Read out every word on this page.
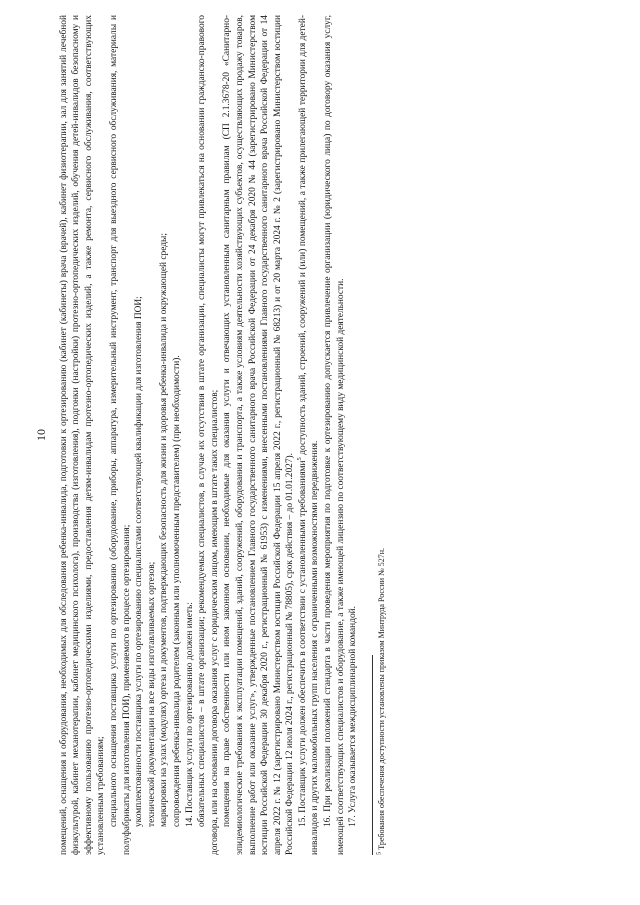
10 помещений, оснащения и оборудования, необходимых для обследования ребенка-инвалида, подготовки к ортезированию (кабинет (кабинеты) врача (врачей), кабинет физиотерапии, зал для занятий лечебной физкультурой, кабинет механотерапии, кабинет медицинского психолога), производства (изготовления), подгонки (настройки) протезно-ортопедических изделий, обучения детей-инвалидов безопасному и эффективному пользованию протезно-ортопедическими изделиями, предоставления детям-инвалидам протезно-ортопедических изделий, а также ремонта, сервисного обслуживания, соответствующих установленным требованиям; специального оснащения поставщика услуги по ортезированию (оборудование, приборы, аппаратура, измерительный инструмент, транспорт для выездного сервисного обслуживания, материалы и полуфабрикаты для изготовления ПОИ), применяемого в процессе ортезирования; укомплектованности поставщика услуги по ортезированию специалистами соответствующей квалификации для изготовления ПОИ; технической документации на все виды изготавливаемых ортезов; маркировки на узлах (модулях) ортеза и документов, подтверждающих безопасность для жизни и здоровья ребенка-инвалида и окружающей среды; сопровождения ребенка-инвалида родителем (законным или уполномоченным представителем) (при необходимости). 14. Поставщик услуги по ортезированию должен иметь: обязательных специалистов – в штате организации; рекомендуемых специалистов, в случае их отсутствия в штате организации, специалисты могут привлекаться на основании гражданско-правового договора, или на основании договора оказания услуг с юридическим лицом, имеющим в штате таких специалистов; помещения на праве собственности или ином законном основании, необходимые для оказания услуги и отвечающих установленным санитарным правилам (СП 2.1.3678-20 «Санитарно-эпидемиологические требования к эксплуатации помещений, зданий, сооружений, оборудования и транспорта, а также условиям деятельности хозяйствующих субъектов, осуществляющих продажу товаров, выполнение работ или оказание услуг», утвержденные постановлением Главного государственного санитарного врача Российской Федерации от 24 декабря 2020 № 44 (зарегистрировано Министерством юстиции Российской Федерации 30 декабря 2020 г., регистрационный № 61953) с изменениями, внесенными постановлениями Главного государственного санитарного врача Российской Федерации от 14 апреля 2022 г. № 12 (зарегистрировано Министерством юстиции Российской Федерации 15 апреля 2022 г., регистрационный № 68213) и от 20 марта 2024 г. № 2 (зарегистрировано Министерством юстиции Российской Федерации 12 июля 2024 г., регистрационный № 78805), срок действия – до 01.01.2027). 15. Поставщик услуги должен обеспечить в соответствии с установленными требованиями$^5$ доступность зданий, строений, сооружений и (или) помещений, а также прилегающей территории для детей-инвалидов и других маломобильных групп населения с ограниченными возможностями передвижения. 16. При реализации положений стандарта в части проведения мероприятия по подготовке к ортезированию допускается привлечение организации (юридического лица) по договору оказания услуг, имеющей соответствующих специалистов и оборудование, а также имеющей лицензию по соответствующему виду медицинской деятельности. 17. Услуга оказывается междисциплинарной командой.

$^5$ Требования обеспечения доступности установлены приказом Минтруда России № 527н.
